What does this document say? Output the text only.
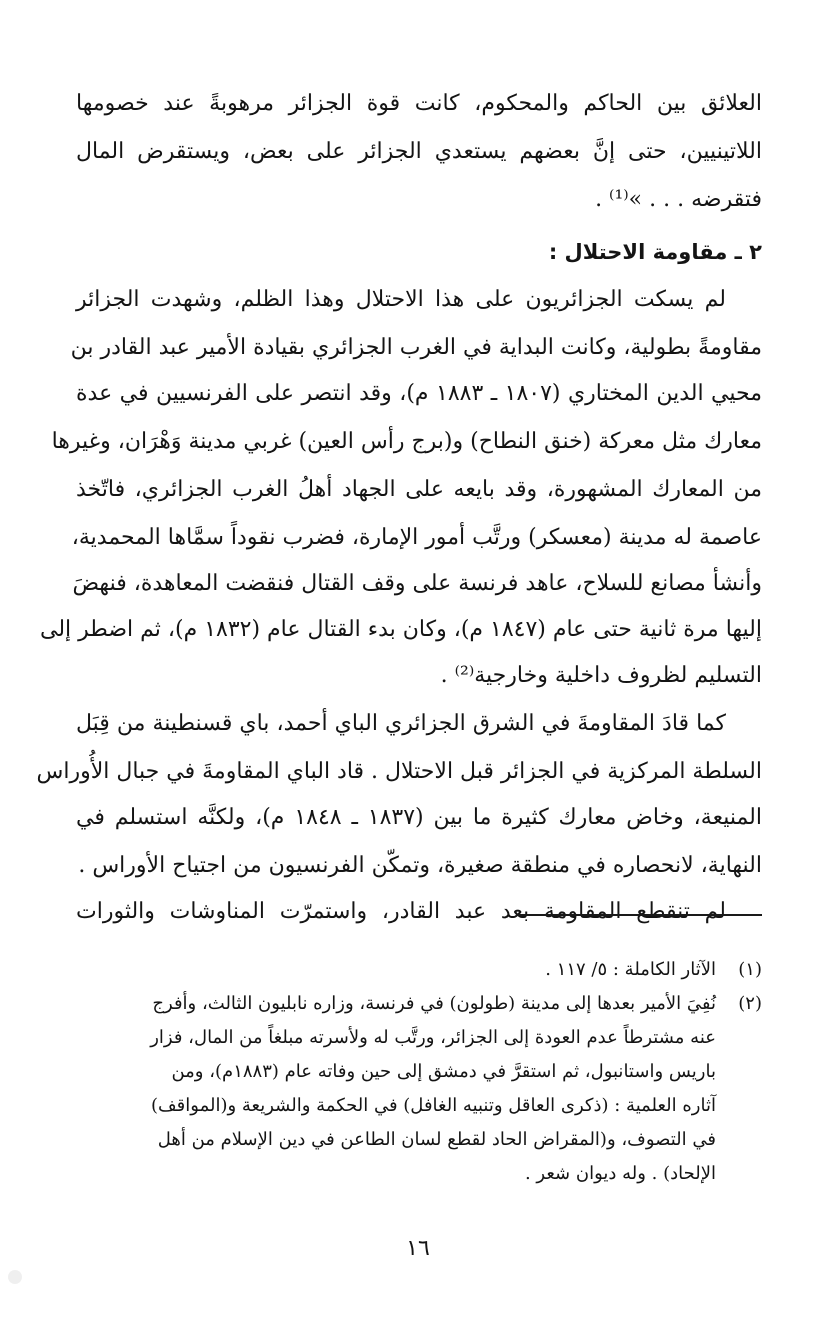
العلائق بين الحاكم والمحكوم، كانت قوة الجزائر مرهوبةً عند خصومها
اللاتينيين، حتى إنَّ بعضهم يستعدي الجزائر على بعض، ويستقرض المال
فتقرضه . . . »⁽¹⁾ .
٢ ـ مقاومة الاحتلال :
لم يسكت الجزائريون على هذا الاحتلال وهذا الظلم، وشهدت الجزائر
مقاومةً بطولية، وكانت البداية في الغرب الجزائري بقيادة الأمير عبد القادر بن
محيي الدين المختاري (١٨٠٧ ـ ١٨٨٣ م)، وقد انتصر على الفرنسيين في عدة
معارك مثل معركة (خنق النطاح) و(برج رأس العين) غربي مدينة وَهْرَان، وغيرها
من المعارك المشهورة، وقد بايعه على الجهاد أهلُ الغرب الجزائري، فاتّخذ
عاصمة له مدينة (معسكر) ورتَّب أمور الإمارة، فضرب نقوداً سمَّاها المحمدية،
وأنشأ مصانع للسلاح، عاهد فرنسة على وقف القتال فنقضت المعاهدة، فنهضَ
إليها مرة ثانية حتى عام (١٨٤٧ م)، وكان بدء القتال عام (١٨٣٢ م)، ثم اضطر إلى
التسليم لظروف داخلية وخارجية⁽²⁾ .
كما قادَ المقاومةَ في الشرق الجزائري الباي أحمد، باي قسنطينة من قِبَل
السلطة المركزية في الجزائر قبل الاحتلال . قاد الباي المقاومةَ في جبال الأُوراس
المنيعة، وخاض معارك كثيرة ما بين (١٨٣٧ ـ ١٨٤٨ م)، ولكنَّه استسلم في
النهاية، لانحصاره في منطقة صغيرة، وتمكّن الفرنسيون من اجتياح الأوراس .
لم تنقطع المقاومة بعد عبد القادر، واستمرّت المناوشات والثورات
(١)
الآثار الكاملة : ٥/ ١١٧ .
(٢)
نُفِيَ الأمير بعدها إلى مدينة (طولون) في فرنسة، وزاره نابليون الثالث، وأفرج
عنه مشترطاً عدم العودة إلى الجزائر، ورتَّب له ولأسرته مبلغاً من المال، فزار
باريس واستانبول، ثم استقرَّ في دمشق إلى حين وفاته عام (١٨٨٣م)، ومن
آثاره العلمية : (ذكرى العاقل وتنبيه الغافل) في الحكمة والشريعة و(المواقف)
في التصوف، و(المقراض الحاد لقطع لسان الطاعن في دين الإسلام من أهل
الإلحاد) . وله ديوان شعر .
١٦
